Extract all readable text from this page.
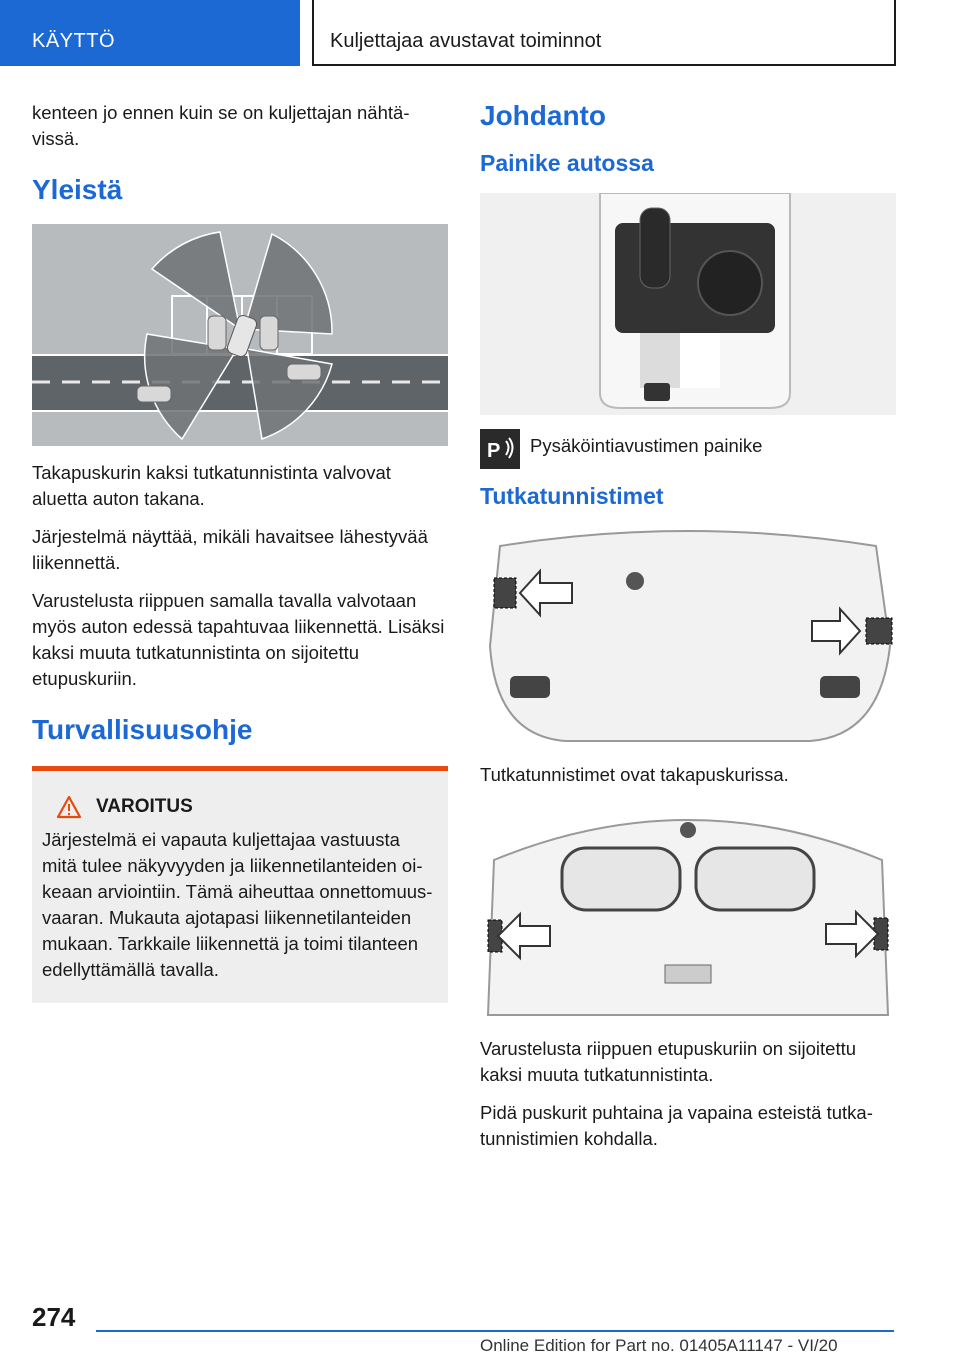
KÄYTTÖ	Kuljettajaa avustavat toiminnot

kenteen jo ennen kuin se on kuljettajan nähtävissä.

Yleistä

Takapuskurin kaksi tutkatunnistinta valvovat aluetta auton takana.

Järjestelmä näyttää, mikäli havaitsee lähestyvää liikennettä.

Varustelusta riippuen samalla tavalla valvotaan myös auton edessä tapahtuvaa liikennettä. Lisäksi kaksi muuta tutkatunnistinta on sijoitettu etupuskuriin.

Turvallisuusohje
VAROITUS

Järjestelmä ei vapauta kuljettajaa vastuusta mitä tulee näkyvyyden ja liikennetilanteiden oikeaan arviointiin. Tämä aiheuttaa onnettomuusvaaran. Mukauta ajotapasi liikennetilanteiden mukaan. Tarkkaile liikennettä ja toimi tilanteen edellyttämällä tavalla.

Johdanto
Painike autossa
P Pysäköintiavustimen painike
Tutkatunnistimet

Tutkatunnistimet ovat takapuskurissa.

Varustelusta riippuen etupuskuriin on sijoitettu kaksi muuta tutkatunnistinta.

Pidä puskurit puhtaina ja vapaina esteistä tutkatunnistimien kohdalla.

274
Online Edition for Part no. 01405A11147 - VI/20
